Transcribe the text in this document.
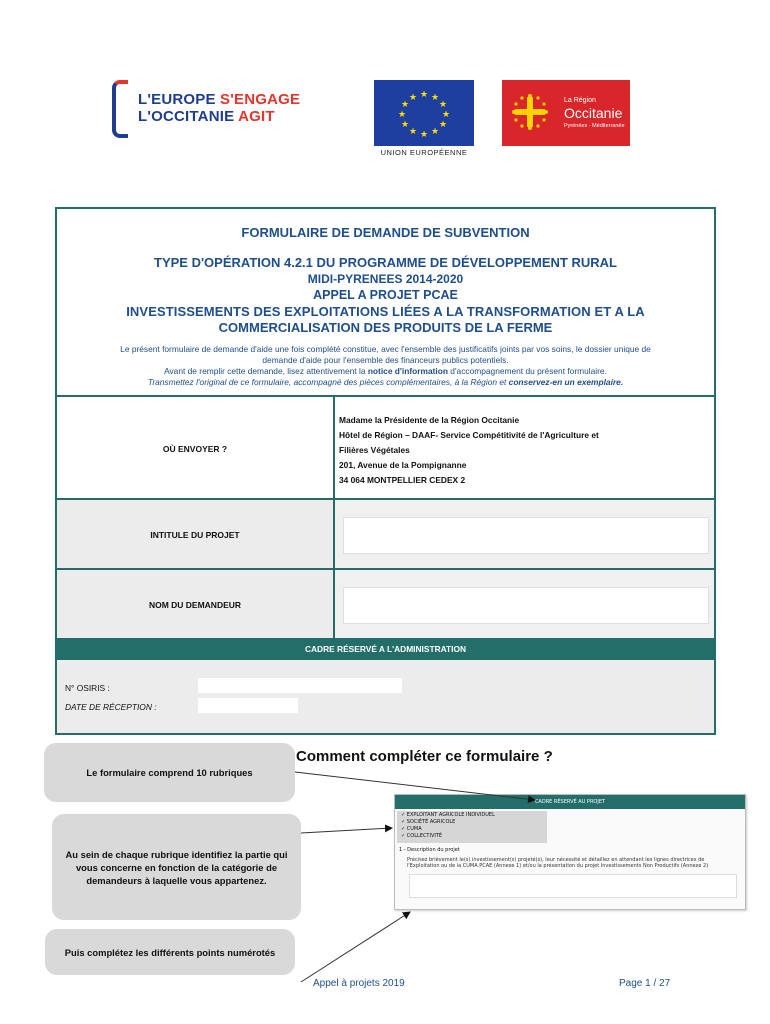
L'EUROPE S'ENGAGE
L'OCCITANIE AGIT
★ ★
★
★
★
★
★
★
★
★
★
★
UNION EUROPÉENNE
La Région
Occitanie
Pyrénées · Méditerranée
FORMULAIRE DE DEMANDE DE SUBVENTION
TYPE D'OPÉRATION 4.2.1 DU PROGRAMME DE DÉVELOPPEMENT RURAL
MIDI-PYRENEES 2014-2020
APPEL A PROJET PCAE
INVESTISSEMENTS DES EXPLOITATIONS LIÉES A LA TRANSFORMATION ET A LA
COMMERCIALISATION DES PRODUITS DE LA FERME
Le présent formulaire de demande d'aide une fois complété constitue, avec l'ensemble des justificatifs joints par vos soins, le dossier unique de
demande d'aide pour l'ensemble des financeurs publics potentiels.
Avant de remplir cette demande, lisez attentivement la notice d'information d'accompagnement du présent formulaire.
Transmettez l'original de ce formulaire, accompagné des pièces complémentaires, à la Région et conservez-en un exemplaire.
OÙ ENVOYER ?
Madame la Présidente de la Région Occitanie
Hôtel de Région – DAAF- Service Compétitivité de l'Agriculture et
Filières Végétales
201, Avenue de la Pompignanne
34 064 MONTPELLIER CEDEX 2
INTITULE DU PROJET
NOM DU DEMANDEUR
CADRE RÉSERVÉ A L'ADMINISTRATION
N° OSIRIS :
DATE DE RÉCEPTION :
Comment compléter ce formulaire ?
Le formulaire comprend 10 rubriques
Au sein de chaque rubrique identifiez la partie qui vous concerne en fonction de la catégorie de demandeurs à laquelle vous appartenez.
Puis complétez les différents points numérotés
CADRE RÉSERVÉ AU PROJET
✓ EXPLOITANT AGRICOLE INDIVIDUEL
✓ SOCIÉTÉ AGRICOLE
✓ CUMA
✓ COLLECTIVITÉ
1 - Description du projet
Précisez brièvement le(s) investissement(s) projeté(s), leur nécessité et détaillez en attendant les lignes directrices de l'Exploitation ou de la CUMA PCAE (Annexe 1) et/ou la présentation du projet Investissements Non Productifs (Annexe 2)
Appel à projets 2019	Page 1 / 27
